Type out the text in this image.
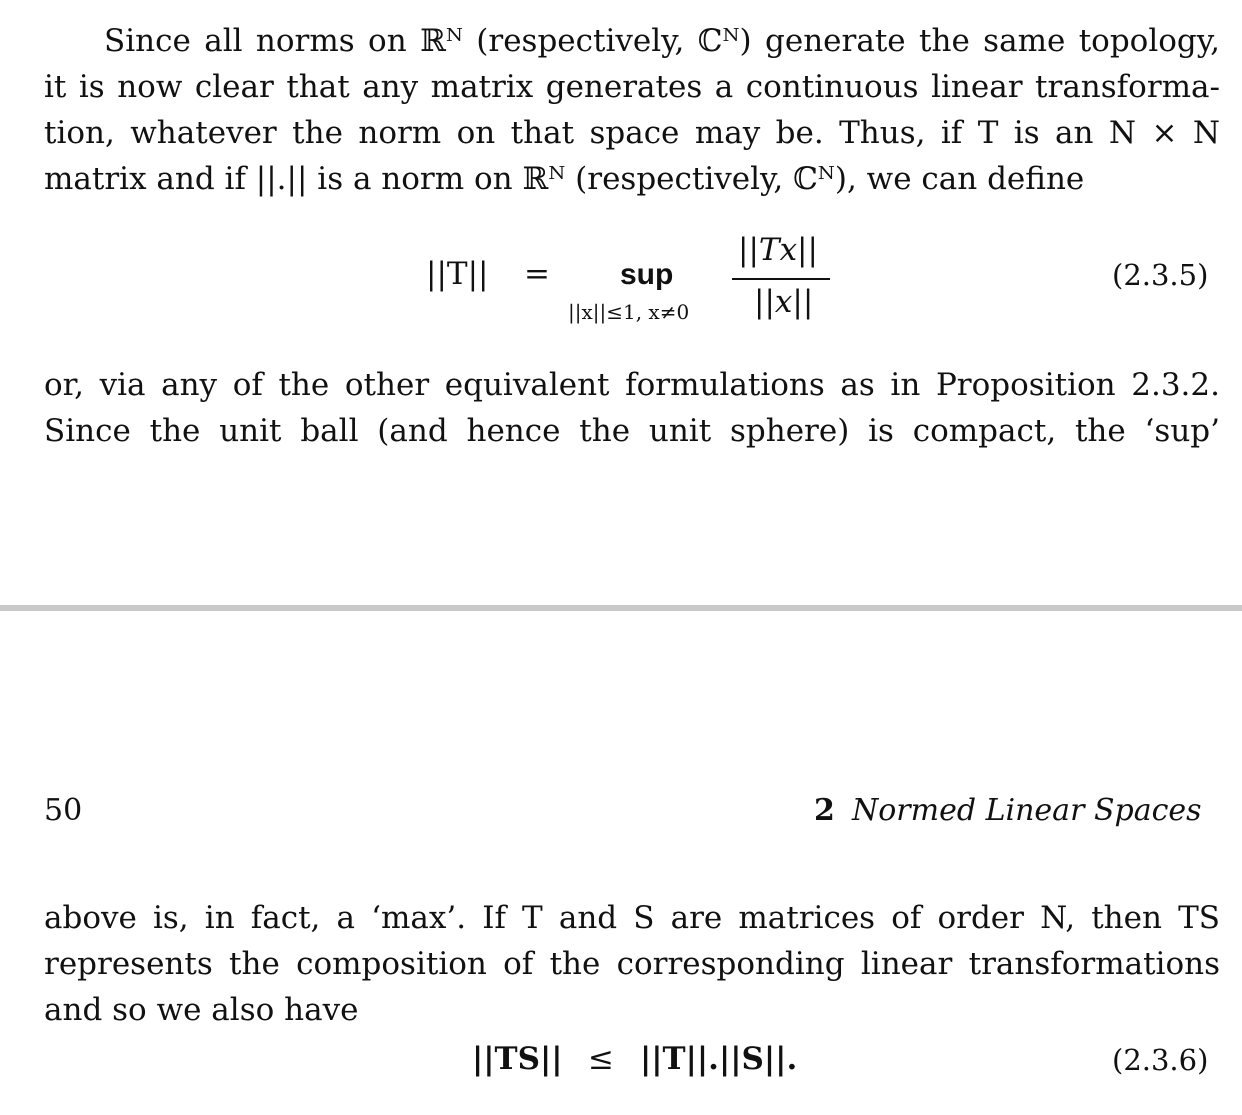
Since all norms on ℝᴺ (respectively, ℂᴺ) generate the same topology,
it is now clear that any matrix generates a continuous linear transforma-
tion, whatever the norm on that space may be. Thus, if T is an N × N
matrix and if ||.|| is a norm on ℝᴺ (respectively, ℂᴺ), we can define
||T|| = sup
||x||≤1, x≠0
||Tx||
||x||
(2.3.5)
or, via any of the other equivalent formulations as in Proposition 2.3.2.
Since the unit ball (and hence the unit sphere) is compact, the ‘sup’
50	2 Normed Linear Spaces
above is, in fact, a ‘max’. If T and S are matrices of order N, then TS
represents the composition of the corresponding linear transformations
and so we also have
||TS|| ≤ ||T||.||S||.	(2.3.6)
